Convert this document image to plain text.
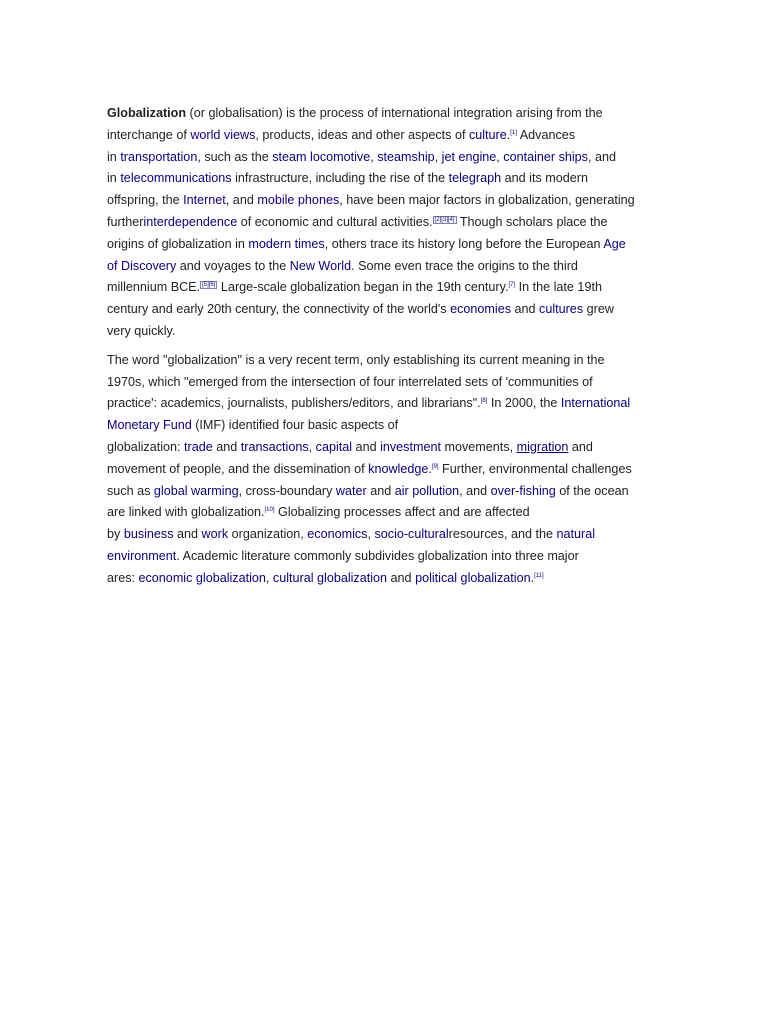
Globalization (or globalisation) is the process of international integration arising from the
interchange of world views, products, ideas and other aspects of culture.[1] Advances
in transportation, such as the steam locomotive, steamship, jet engine, container ships, and
in telecommunications infrastructure, including the rise of the telegraph and its modern
offspring, the Internet, and mobile phones, have been major factors in globalization, generating
furtherinterdependence of economic and cultural activities. [2][3][4] Though scholars place the
origins of globalization in modern times, others trace its history long before the European Age
of Discovery and voyages to the New World. Some even trace the origins to the third
millennium BCE. [5][6] Large-scale globalization began in the 19th century.[7] In the late 19th
century and early 20th century, the connectivity of the world's economies and cultures grew
very quickly.
The word "globalization" is a very recent term, only establishing its current meaning in the
1970s, which "emerged from the intersection of four interrelated sets of 'communities of
practice': academics, journalists, publishers/editors, and librarians".[8] In 2000, the International
Monetary Fund (IMF) identified four basic aspects of
globalization: trade and transactions, capital and investment movements, migration and
movement of people, and the dissemination of knowledge.[9] Further, environmental challenges
such as global warming, cross-boundary water and air pollution, and over-fishing of the ocean
are linked with globalization.[10] Globalizing processes affect and are affected
by business and work organization, economics, socio-culturalresources, and the natural
environment. Academic literature commonly subdivides globalization into three major
ares: economic globalization, cultural globalization and political globalization.[11]
